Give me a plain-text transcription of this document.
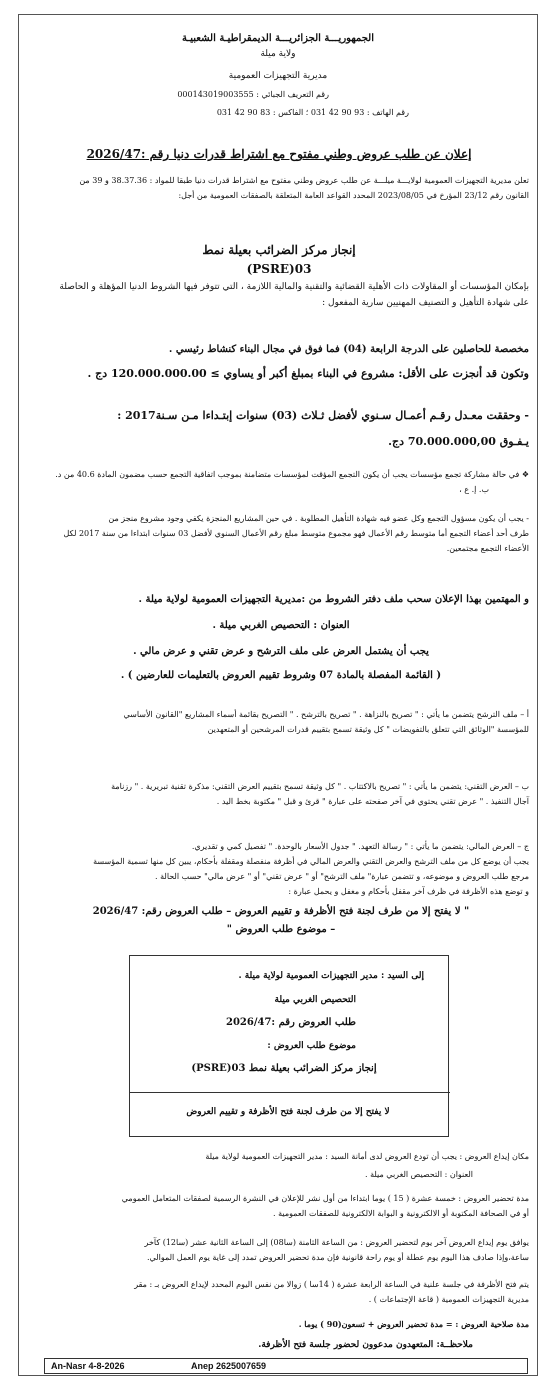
الجمهوريـــة الجزائريـــة الديمقراطيـة الشعبيـة
ولاية ميلة
مديرية التجهيزات العمومية
رقم التعريف الجبائي : 000143019003555
رقم الهاتف : 93 90 42 031 ؛ الفاكس : 83 90 42 031
إعلان عن طلب عروض وطني مفتوح مع اشتراط قدرات دنيا رقم :2026/47
تعلن مديرية التجهيزات العمومية لولايـــة ميلـــة عن طلب عروض وطني مفتوح مع اشتراط قدرات دنيا طبقا للمواد : 38.37.36 و 39 من
القانون رقم 23/12 المؤرخ في 2023/08/05 المحدد القواعد العامة المتعلقة بالصفقات العمومية من أجل:
إنجاز مركز الضرائب بعيلة نمط PSRE)03)
بإمكان المؤسسات أو المقاولات ذات الأهلية القضائية والتقنية والمالية اللازمة ، التي تتوفر فيها الشروط الدنيا المؤهلة و الحاصلة
على شهادة التأهيل و التصنيف المهنيين سارية المفعول :
مخصصة للحاصلين على الدرجة الرابعة (04) فما فوق في مجال البناء كنشاط رئيسي .
وتكون قد أنجزت على الأقل: مشروع في البناء بمبلغ أكبر أو يساوي ≥ 120.000.000.00 دج .
- وحققت معـدل رقـم أعمـال سـنوي لأفضل ثـلاث (03) سنوات إبتـداءا مـن سـنة2017 :
يـفـوق 70.000.000,00 دج.
❖ في حالة مشاركة تجمع مؤسسات يجب أن يكون التجمع المؤقت لمؤسسات متضامنة بموجب اتفاقية التجمع حسب مضمون المادة 40.6 من د.
ب. إ. ع ،
- يجب أن يكون مسؤول التجمع وكل عضو فيه شهادة التأهيل المطلوبة . في حين المشاريع المنجزة يكفي وجود مشروع منجز من
طرف أحد أعضاء التجمع أما متوسط رقم الأعمال فهو مجموع متوسط مبلغ رقم الأعمال السنوي لأفضل 03 سنوات ابتداءا من سنة 2017 لكل
الأعضاء التجمع مجتمعين.
و المهتمين بهذا الإعلان سحب ملف دفتر الشروط من :مديرية التجهيزات العمومية لولاية ميلة .
العنوان : التحصيص الغربي ميلة .
يجب أن يشتمل العرض على ملف الترشح و عرض تقني و عرض مالي .
( القائمة المفصلة بالمادة 07 وشروط تقييم العروض بالتعليمات للعارضين ) .
أ – ملف الترشح يتضمن ما يأتي : " تصريح بالنزاهة . " تصريح بالترشح . " التصريح بقائمة أسماء المشاريع "القانون الأساسي
للمؤسسة "الوثائق التي تتعلق بالتفويضات " كل وثيقة تسمح بتقييم قدرات المرشحين أو المتعهدين
ب – العرض التقني: يتضمن ما يأتي : " تصريح بالاكتتاب . " كل وثيقة تسمح بتقييم العرض التقني: مذكرة تقنية تبريرية . " رزنامة
آجال التنفيذ . " عرض تقني يحتوي في آخر صفحته على عبارة " قرئ و قبل " مكتوبة بخط اليد .
ج – العرض المالي: يتضمن ما يأتي : " رسالة التعهد. " جدول الأسعار بالوحدة. " تفصيل كمي و تقديري.
يجب أن يوضع كل من ملف الترشح والعرض التقني والعرض المالي في أظرفة منفصلة ومقفلة بأحكام، يبين كل منها تسمية المؤسسة
مرجع طلب العروض و موضوعه، و تتضمن عبارة" ملف الترشح" أو " عرض تقني" أو " عرض مالي" حسب الحالة .
و توضع هذه الأظرفة في ظرف آخر مقفل بأحكام و مغفل و يحمل عبارة :
" لا يفتح إلا من طرف لجنة فتح الأظرفة و تقييم العروض – طلب العروض رقم: 2026/47
– موضوع طلب العروض "
إلى السيد : مدير التجهيزات العمومية لولاية ميلة .
التحصيص الغربي ميلة
طلب العروض رقم :2026/47
موضوع طلب العروض :
إنجاز مركز الضرائب بعيلة نمط PSRE)03)
لا يفتح إلا من طرف لجنة فتح الأظرفة و تقييم العروض
مكان إيداع العروض : يجب أن تودع العروض لدى أمانة السيد : مدير التجهيزات العمومية لولاية ميلة
العنوان : التحصيص الغربي ميلة .
مدة تحضير العروض : خمسة عشرة ( 15 ) يوما ابتداءا من أول نشر للإعلان في النشرة الرسمية لصفقات المتعامل العمومي
أو في الصحافة المكتوبة أو الالكترونية و البوابة الالكترونية للصفقات العمومية .
يوافق يوم إيداع العروض آخر يوم لتحضير العروض : من الساعة الثامنة (سا08) إلى الساعة الثانية عشر (سا12) كآخر
ساعة،وإذا صادف هذا اليوم يوم عطلة أو يوم راحة قانونية فإن مدة تحضير العروض تمدد إلى غاية يوم العمل الموالي.
يتم فتح الأظرفة في جلسة علنية في الساعة الرابعة عشرة ( 14سا ) زوالا من نفس اليوم المحدد لإيداع العروض بـ : مقر
مديرية التجهيزات العمومية ( قاعة الإجتماعات ) .
مدة صلاحية العروض : = مدة تحضير العروض + تسعون(90 ) يوما .
ملاحظــة: المتعهدون مدعوون لحضور جلسة فتح الأظرفة.
An-Nasr 4-8-2026	Anep 2625007659
